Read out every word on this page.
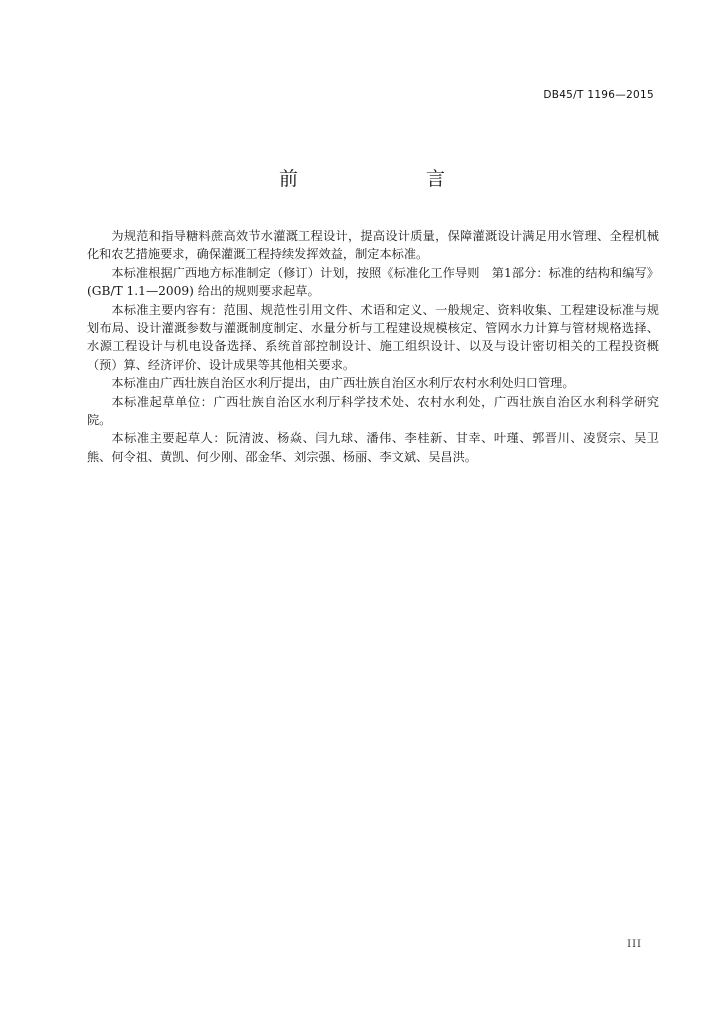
DB45/T 1196—2015
前　　言

为规范和指导糖料蔗高效节水灌溉工程设计，提高设计质量，保障灌溉设计满足用水管理、全程机械化和农艺措施要求，确保灌溉工程持续发挥效益，制定本标准。

本标准根据广西地方标准制定（修订）计划，按照《标准化工作导则　第1部分：标准的结构和编写》(GB/T 1.1—2009) 给出的规则要求起草。

本标准主要内容有：范围、规范性引用文件、术语和定义、一般规定、资料收集、工程建设标准与规划布局、设计灌溉参数与灌溉制度制定、水量分析与工程建设规模核定、管网水力计算与管材规格选择、水源工程设计与机电设备选择、系统首部控制设计、施工组织设计、以及与设计密切相关的工程投资概（预）算、经济评价、设计成果等其他相关要求。

本标准由广西壮族自治区水利厅提出，由广西壮族自治区水利厅农村水利处归口管理。

本标准起草单位：广西壮族自治区水利厅科学技术处、农村水利处，广西壮族自治区水利科学研究院。

本标准主要起草人：阮清波、杨焱、闫九球、潘伟、李桂新、甘幸、叶瑾、郭晋川、凌贤宗、吴卫熊、何令祖、黄凯、何少刚、邵金华、刘宗强、杨丽、李文斌、吴昌洪。

III
